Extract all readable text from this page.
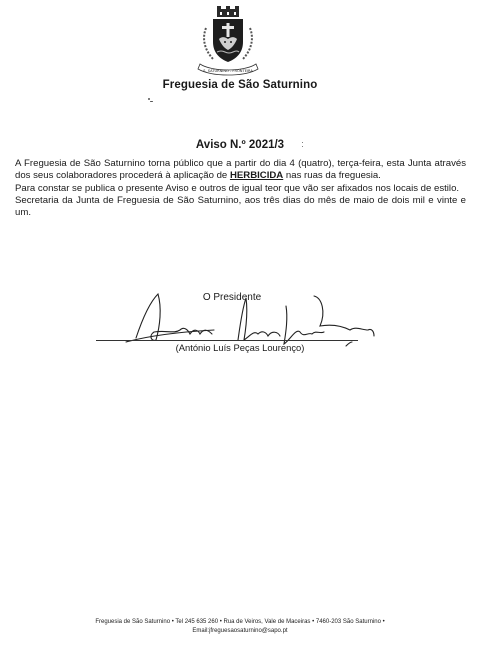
S. SATURNINO - FRONTEIRA
Freguesia de São Saturnino
Aviso N.º 2021/3

A Freguesia de São Saturnino torna público que a partir do dia 4 (quatro), terça-feira, esta Junta através dos seus colaboradores procederá à aplicação de HERBICIDA nas ruas da freguesia.

Para constar se publica o presente Aviso e outros de igual teor que vão ser afixados nos locais de estilo.

Secretaria da Junta de Freguesia de São Saturnino, aos três dias do mês de maio de dois mil e vinte e um.

O Presidente
(António Luís Peças Lourenço)
Freguesia de São Saturnino • Tel 245 635 260 • Rua de Veiros, Vale de Maceiras • 7460-203 São Saturnino •
Email:jfreguesaosaturnino@sapo.pt
